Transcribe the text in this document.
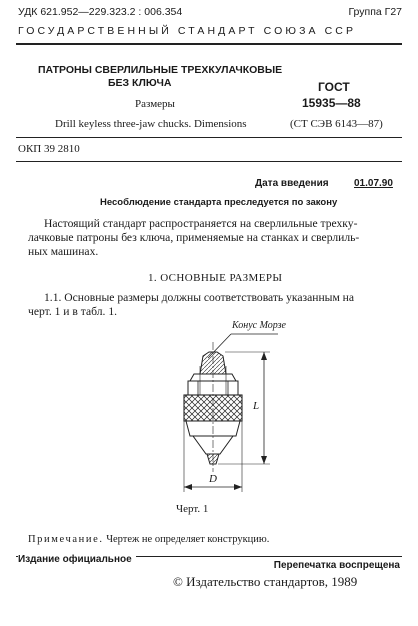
УДК 621.952—229.323.2 : 006.354	Группа Г27
ГОСУДАРСТВЕННЫЙ СТАНДАРТ СОЮЗА ССР
ПАТРОНЫ СВЕРЛИЛЬНЫЕ ТРЕХКУЛАЧКОВЫЕ
БЕЗ КЛЮЧА
Размеры
Drill keyless three-jaw chucks. Dimensions
ГОСТ
15935—88
(СТ СЭВ 6143—87)
ОКП 39 2810
Дата введения	01.07.90
Несоблюдение стандарта преследуется по закону
Настоящий стандарт распространяется на сверлильные трехку-
лачковые патроны без ключа, применяемые на станках и сверлиль-
ных машинах.
1. ОСНОВНЫЕ РАЗМЕРЫ
1.1. Основные размеры должны соответствовать указанным на
черт. 1 и в табл. 1.
Конус Морзе
L
D
Черт. 1
Примечание. Чертеж не определяет конструкцию.
Издание официальное
Перепечатка воспрещена
© Издательство стандартов, 1989
